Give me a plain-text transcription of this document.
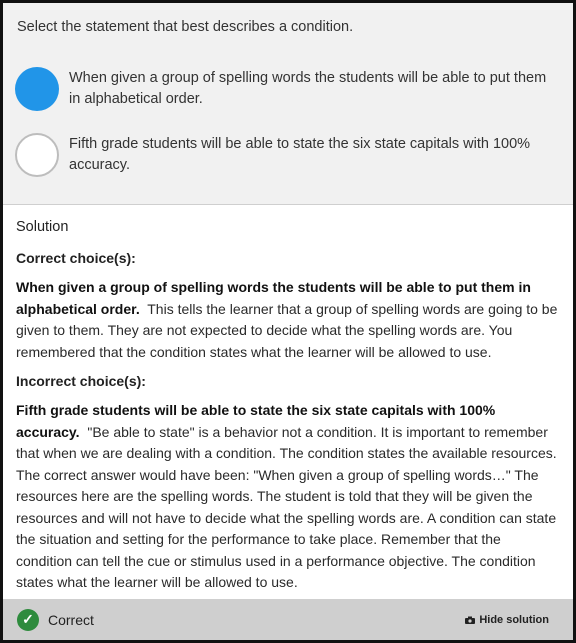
Select the statement that best describes a condition.
When given a group of spelling words the students will be able to put them in alphabetical order.
Fifth grade students will be able to state the six state capitals with 100% accuracy.
Solution
Correct choice(s):

When given a group of spelling words the students will be able to put them in alphabetical order. This tells the learner that a group of spelling words are going to be given to them. They are not expected to decide what the spelling words are. You remembered that the condition states what the learner will be allowed to use.

Incorrect choice(s):

Fifth grade students will be able to state the six state capitals with 100% accuracy. "Be able to state" is a behavior not a condition. It is important to remember that when we are dealing with a condition. The condition states the available resources. The correct answer would have been: "When given a group of spelling words…" The resources here are the spelling words. The student is told that they will be given the resources and will not have to decide what the spelling words are. A condition can state the situation and setting for the performance to take place. Remember that the condition can tell the cue or stimulus used in a performance objective. The condition states what the learner will be allowed to use.

✓	Correct	Hide solution
